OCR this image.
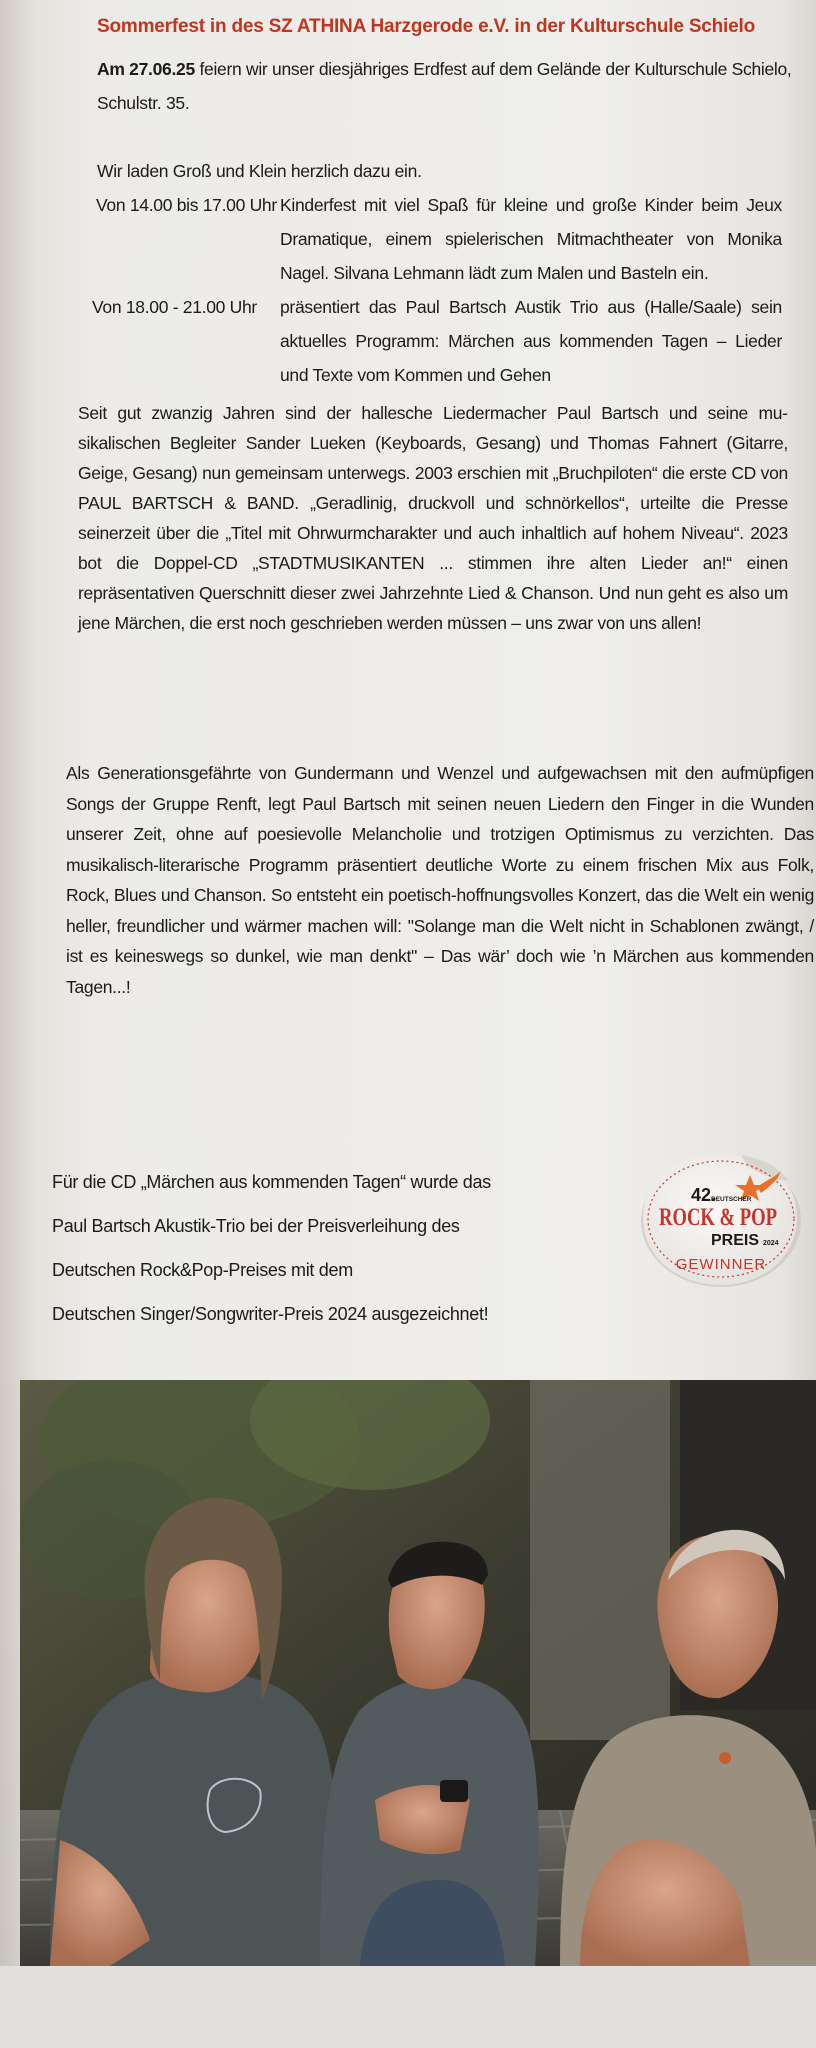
Sommerfest in des SZ ATHINA Harzgerode e.V. in der Kulturschule Schielo
Am 27.06.25 feiern wir unser diesjähriges Erdfest auf dem Gelände der Kulturschule Schielo, Schulstr. 35.
Wir laden Groß und Klein herzlich dazu ein.
Von 14.00 bis 17.00 Uhr Kinderfest mit viel Spaß für kleine und große Kinder beim Jeux Dramatique, einem spielerischen Mitmachtheater von Monika Nagel. Silvana Lehmann lädt zum Malen und Basteln ein.
Von 18.00 - 21.00 Uhr	präsentiert das Paul Bartsch Austik Trio aus (Halle/Saale) sein aktuelles Programm: Märchen aus kommenden Tagen – Lieder und Texte vom Kommen und Gehen
Seit gut zwanzig Jahren sind der hallesche Liedermacher Paul Bartsch und seine musikalischen Begleiter Sander Lueken (Keyboards, Gesang) und Thomas Fahnert (Gitarre, Geige, Gesang) nun gemeinsam unterwegs. 2003 erschien mit „Bruchpiloten“ die erste CD von PAUL BARTSCH & BAND. „Geradlinig, druckvoll und schnörkellos“, urteilte die Presse seinerzeit über die „Titel mit Ohrwurmcharakter und auch inhaltlich auf hohem Niveau“. 2023 bot die Doppel-CD „STADTMUSIKANTEN ... stimmen ihre alten Lieder an!“ einen repräsentativen Querschnitt dieser zwei Jahrzehnte Lied & Chanson. Und nun geht es also um jene Märchen, die erst noch geschrieben werden müssen – uns zwar von uns allen!
Als Generationsgefährte von Gundermann und Wenzel und aufgewachsen mit den aufmüpfigen Songs der Gruppe Renft, legt Paul Bartsch mit seinen neuen Liedern den Finger in die Wunden unserer Zeit, ohne auf poesievolle Melancholie und trotzigen Optimismus zu verzichten. Das musikalisch-literarische Programm präsentiert deutliche Worte zu einem frischen Mix aus Folk, Rock, Blues und Chanson. So entsteht ein poetisch-hoffnungsvolles Konzert, das die Welt ein wenig heller, freundlicher und wärmer machen will: "Solange man die Welt nicht in Schablonen zwängt, / ist es keineswegs so dunkel, wie man denkt" – Das wär’ doch wie ’n Märchen aus kommenden Tagen...!
Für die CD „Märchen aus kommenden Tagen“ wurde das
Paul Bartsch Akustik-Trio bei der Preisverleihung des
Deutschen Rock&Pop-Preises mit dem
Deutschen Singer/Songwriter-Preis 2024 ausgezeichnet!
42.
DEUTSCHER
ROCK & POP
PREIS 2024
GEWINNER
